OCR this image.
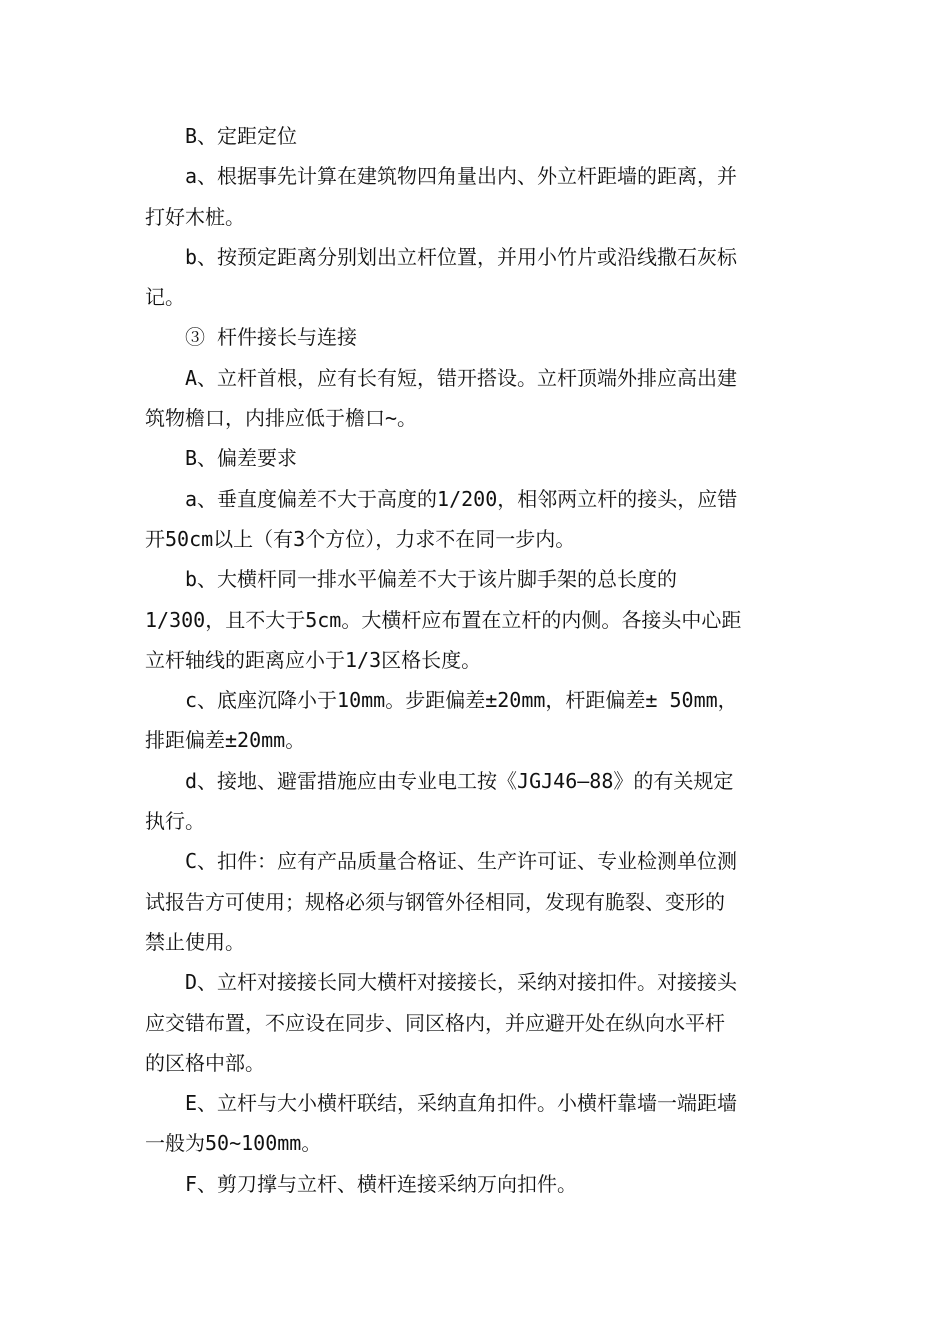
B、定距定位

a、根据事先计算在建筑物四角量出内、外立杆距墙的距离，并
打好木桩。

b、按预定距离分别划出立杆位置，并用小竹片或沿线撒石灰标
记。

③ 杆件接长与连接

A、立杆首根，应有长有短，错开搭设。立杆顶端外排应高出建
筑物檐口，内排应低于檐口~。

B、偏差要求

a、垂直度偏差不大于高度的1/200，相邻两立杆的接头，应错
开50cm以上（有3个方位），力求不在同一步内。

b、大横杆同一排水平偏差不大于该片脚手架的总长度的
1/300，且不大于5cm。大横杆应布置在立杆的内侧。各接头中心距
立杆轴线的距离应小于1/3区格长度。

c、底座沉降小于10mm。步距偏差±20mm，杆距偏差± 50mm，
排距偏差±20mm。

d、接地、避雷措施应由专业电工按《JGJ46—88》的有关规定
执行。

C、扣件：应有产品质量合格证、生产许可证、专业检测单位测
试报告方可使用；规格必须与钢管外径相同，发现有脆裂、变形的
禁止使用。

D、立杆对接接长同大横杆对接接长，采纳对接扣件。对接接头
应交错布置，不应设在同步、同区格内，并应避开处在纵向水平杆
的区格中部。

E、立杆与大小横杆联结，采纳直角扣件。小横杆靠墙一端距墙
一般为50~100mm。

F、剪刀撑与立杆、横杆连接采纳万向扣件。
